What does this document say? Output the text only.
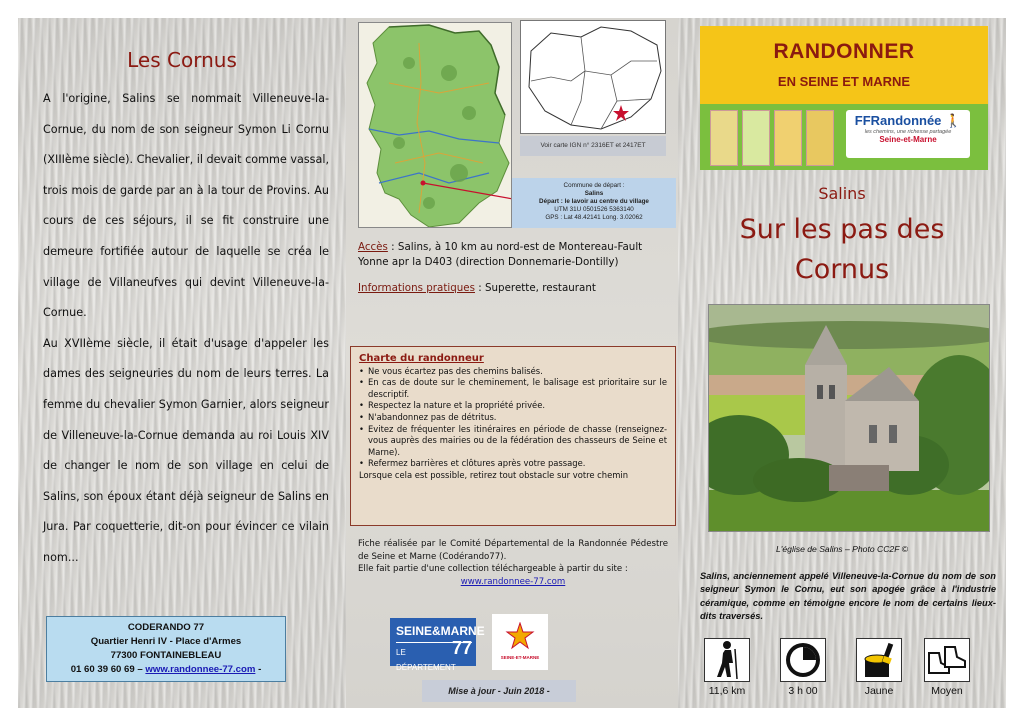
Les Cornus

A l'origine, Salins se nommait Villeneuve-la-Cornue, du nom de son seigneur Symon Li Cornu (XIIIème siècle). Chevalier, il devait comme vassal, trois mois de garde par an à la tour de Provins. Au cours de ces séjours, il se fit construire une demeure fortifiée autour de laquelle se créa le village de Villaneufves qui devint Villeneuve-la-Cornue.

Au XVIIème siècle, il était d'usage d'appeler les dames des seigneuries du nom de leurs terres. La femme du chevalier Symon Garnier, alors seigneur de Villeneuve-la-Cornue demanda au roi Louis XIV de changer le nom de son village en celui de Salins, son époux étant déjà seigneur de Salins en Jura. Par coquetterie, dit-on pour évincer ce vilain nom...

CODERANDO 77
Quartier Henri IV - Place d'Armes
77300 FONTAINEBLEAU
01 60 39 60 69 – www.randonnee-77.com -
Voir carte IGN n° 2316ET et 2417ET
Commune de départ :
Salins
Départ : le lavoir au centre du village
UTM 31U 0501526 5363140
GPS : Lat 48.42141 Long. 3.02062
Accès : Salins, à 10 km au nord-est de Montereau-Fault Yonne apr la D403 (direction Donnemarie-Dontilly)
Informations pratiques : Superette, restaurant
Charte du randonneur
• Ne vous écartez pas des chemins balisés.
• En cas de doute sur le cheminement, le balisage est prioritaire sur le descriptif.
• Respectez la nature et la propriété privée.
• N'abandonnez pas de détritus.
• Evitez de fréquenter les itinéraires en période de chasse (renseignez-vous auprès des mairies ou de la fédération des chasseurs de Seine et Marne).
• Refermez barrières et clôtures après votre passage.
Lorsque cela est possible, retirez tout obstacle sur votre chemin
Fiche réalisée par le Comité Départemental de la Randonnée Pédestre de Seine et Marne (Codérando77).
Elle fait partie d'une collection téléchargeable à partir du site :
www.randonnee-77.com
SEINE&MARNE
77
LE DÉPARTEMENT
SEINE-ET-MARNE
Mise à jour - Juin 2018 -
RANDONNER
EN SEINE ET MARNE
FFRandonnée 🚶
les chemins, une richesse partagée
Seine-et-Marne
Salins
Sur les pas des
Cornus
L'église de Salins – Photo CC2F ©
Salins, anciennement appelé Villeneuve-la-Cornue du nom de son seigneur Symon le Cornu, eut son apogée grâce à l'industrie céramique, comme en témoigne encore le nom de certains lieux-dits traversés.
11,6 km	3 h 00	Jaune	Moyen
